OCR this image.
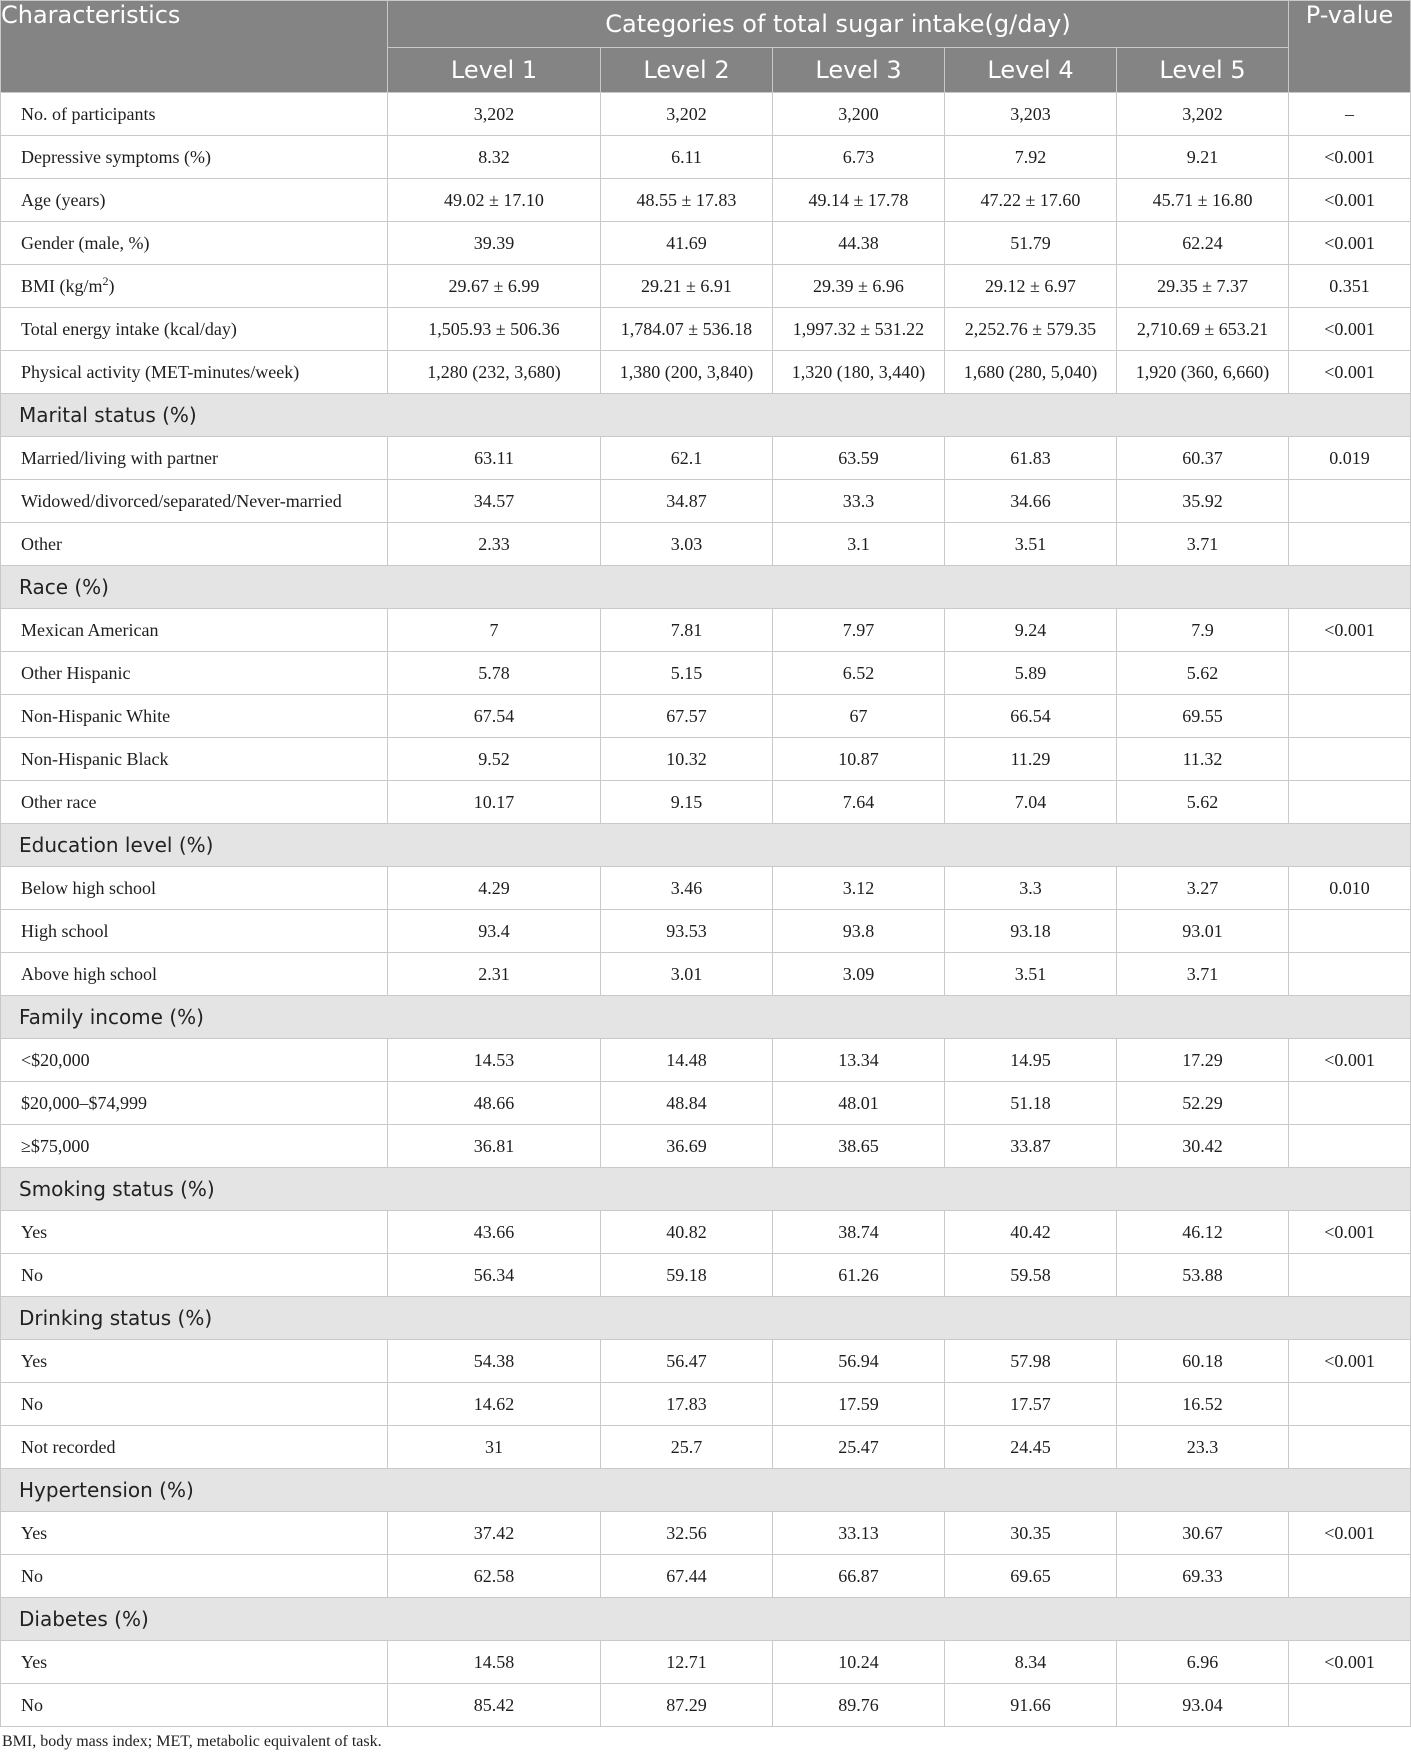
Characteristics	Categories of total sugar intake(g/day)					P-value
	Level 1	Level 2	Level 3	Level 4	Level 5	
No. of participants	3,202	3,202	3,200	3,203	3,202	–
Depressive symptoms (%)	8.32	6.11	6.73	7.92	9.21	<0.001
Age (years)	49.02 ± 17.10	48.55 ± 17.83	49.14 ± 17.78	47.22 ± 17.60	45.71 ± 16.80	<0.001
Gender (male, %)	39.39	41.69	44.38	51.79	62.24	<0.001
BMI $(kg/m^2)$	29.67 ± 6.99	29.21 ± 6.91	29.39 ± 6.96	29.12 ± 6.97	29.35 ± 7.37	0.351
Total energy intake (kcal/day)	1,505.93 ± 506.36	1,784.07 ± 536.18	1,997.32 ± 531.22	2,252.76 ± 579.35	2,710.69 ± 653.21	<0.001
Physical activity (MET-minutes/week)	1,280 (232, 3,680)	1,380 (200, 3,840)	1,320 (180, 3,440)	1,680 (280, 5,040)	1,920 (360, 6,660)	<0.001
Marital status (%)						
Married/living with partner	63.11	62.1	63.59	61.83	60.37	0.019
Widowed/divorced/separated/Never-married	34.57	34.87	33.3	34.66	35.92	
Other	2.33	3.03	3.1	3.51	3.71	
Race (%)						
Mexican American	7	7.81	7.97	9.24	7.9	<0.001
Other Hispanic	5.78	5.15	6.52	5.89	5.62	
Non-Hispanic White	67.54	67.57	67	66.54	69.55	
Non-Hispanic Black	9.52	10.32	10.87	11.29	11.32	
Other race	10.17	9.15	7.64	7.04	5.62	
Education level (%)						
Below high school	4.29	3.46	3.12	3.3	3.27	0.010
High school	93.4	93.53	93.8	93.18	93.01	
Above high school	2.31	3.01	3.09	3.51	3.71	
Family income (%)						
<$20,000	14.53	14.48	13.34	14.95	17.29	<0.001
$20,000–$74,999	48.66	48.84	48.01	51.18	52.29	
≥$75,000	36.81	36.69	38.65	33.87	30.42	
Smoking status (%)						
Yes	43.66	40.82	38.74	40.42	46.12	<0.001
No	56.34	59.18	61.26	59.58	53.88	
Drinking status (%)						
Yes	54.38	56.47	56.94	57.98	60.18	<0.001
No	14.62	17.83	17.59	17.57	16.52	
Not recorded	31	25.7	25.47	24.45	23.3	
Hypertension (%)						
Yes	37.42	32.56	33.13	30.35	30.67	<0.001
No	62.58	67.44	66.87	69.65	69.33	
Diabetes (%)						
Yes	14.58	12.71	10.24	8.34	6.96	<0.001
No	85.42	87.29	89.76	91.66	93.04	
BMI, body mass index; MET, metabolic equivalent of task.
